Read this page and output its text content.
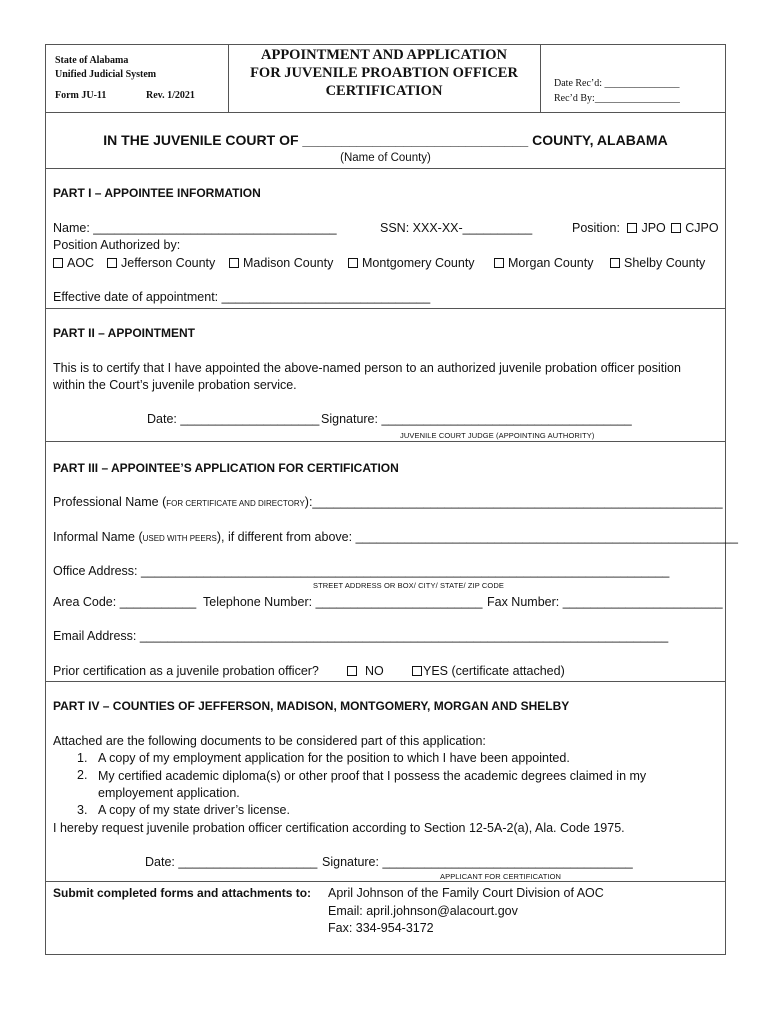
State of Alabama
Unified Judicial System
Form JU-11	Rev. 1/2021
APPOINTMENT AND APPLICATION
FOR JUVENILE PROABTION OFFICER
CERTIFICATION	Date Rec’d: _______________
Rec’d By:_________________
IN THE JUVENILE COURT OF _____________________________ COUNTY, ALABAMA
(Name of County)
PART I – APPOINTEE INFORMATION
Name: ___________________________________	SSN: XXX-XX-__________	Position: JPO CJPO
Position Authorized by:
AOC	Jefferson County	Madison County	Montgomery County	Morgan County	Shelby County
Effective date of appointment: ______________________________
PART II – APPOINTMENT
This is to certify that I have appointed the above-named person to an authorized juvenile probation officer position
within the Court’s juvenile probation service.
Date: ____________________ Signature: ____________________________________
JUVENILE COURT JUDGE (APPOINTING AUTHORITY)
PART III – APPOINTEE’S APPLICATION FOR CERTIFICATION
Professional Name (FOR CERTIFICATE AND DIRECTORY):___________________________________________________________
Informal Name (USED WITH PEERS), if different from above: _______________________________________________________
Office Address: ____________________________________________________________________________
STREET ADDRESS OR BOX/ CITY/ STATE/ ZIP CODE
Area Code: ___________ Telephone Number: ________________________ Fax Number: _______________________
Email Address: ____________________________________________________________________________
Prior certification as a juvenile probation officer?	NO	YES (certificate attached)
PART IV – COUNTIES OF JEFFERSON, MADISON, MONTGOMERY, MORGAN AND SHELBY
Attached are the following documents to be considered part of this application:
1. A copy of my employment application for the position to which I have been appointed.
2. My certified academic diploma(s) or other proof that I possess the academic degrees claimed in my employement application.
3. A copy of my state driver’s license.
I hereby request juvenile probation officer certification according to Section 12-5A-2(a), Ala. Code 1975.
Date: ____________________ Signature: ____________________________________
APPLICANT FOR CERTIFICATION
Submit completed forms and attachments to: April Johnson of the Family Court Division of AOC
Email: april.johnson@alacourt.gov
Fax: 334-954-3172
